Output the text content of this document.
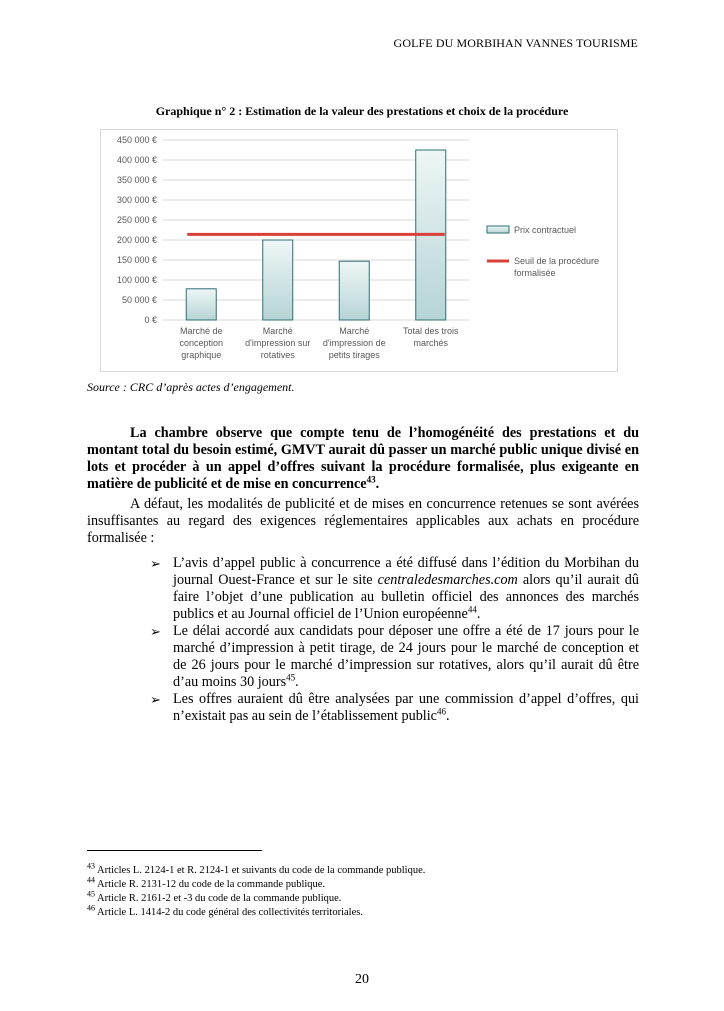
GOLFE DU MORBIHAN VANNES TOURISME
Graphique n° 2 : Estimation de la valeur des prestations et choix de la procédure
0 €
50 000 €
100 000 €
150 000 €
200 000 €
250 000 €
300 000 €
350 000 €
400 000 €
450 000 €
Marché de
conception
graphique
Marché
d'impression sur
rotatives
Marché
d'impression de
petits tirages
Total des trois
marchés
Prix contractuel
Seuil de la procédure
formalisée
Source : CRC d’après actes d’engagement.
La chambre observe que compte tenu de l’homogénéité des prestations et du montant total du besoin estimé, GMVT aurait dû passer un marché public unique divisé en lots et procéder à un appel d’offres suivant la procédure formalisée, plus exigeante en matière de publicité et de mise en concurrence$^{43}$.
A défaut, les modalités de publicité et de mises en concurrence retenues se sont avérées insuffisantes au regard des exigences réglementaires applicables aux achats en procédure formalisée :
➢ L’avis d’appel public à concurrence a été diffusé dans l’édition du Morbihan du journal Ouest-France et sur le site centraledesmarches.com alors qu’il aurait dû faire l’objet d’une publication au bulletin officiel des annonces des marchés publics et au Journal officiel de l’Union européenne$^{44}$.
➢ Le délai accordé aux candidats pour déposer une offre a été de 17 jours pour le marché d’impression à petit tirage, de 24 jours pour le marché de conception et de 26 jours pour le marché d’impression sur rotatives, alors qu’il aurait dû être d’au moins 30 jours$^{45}$.
➢ Les offres auraient dû être analysées par une commission d’appel d’offres, qui n’existait pas au sein de l’établissement public$^{46}$.
$^{43}$ Articles L. 2124-1 et R. 2124-1 et suivants du code de la commande publique.
$^{44}$ Article R. 2131-12 du code de la commande publique.
$^{45}$ Article R. 2161-2 et -3 du code de la commande publique.
$^{46}$ Article L. 1414-2 du code général des collectivités territoriales.
20
